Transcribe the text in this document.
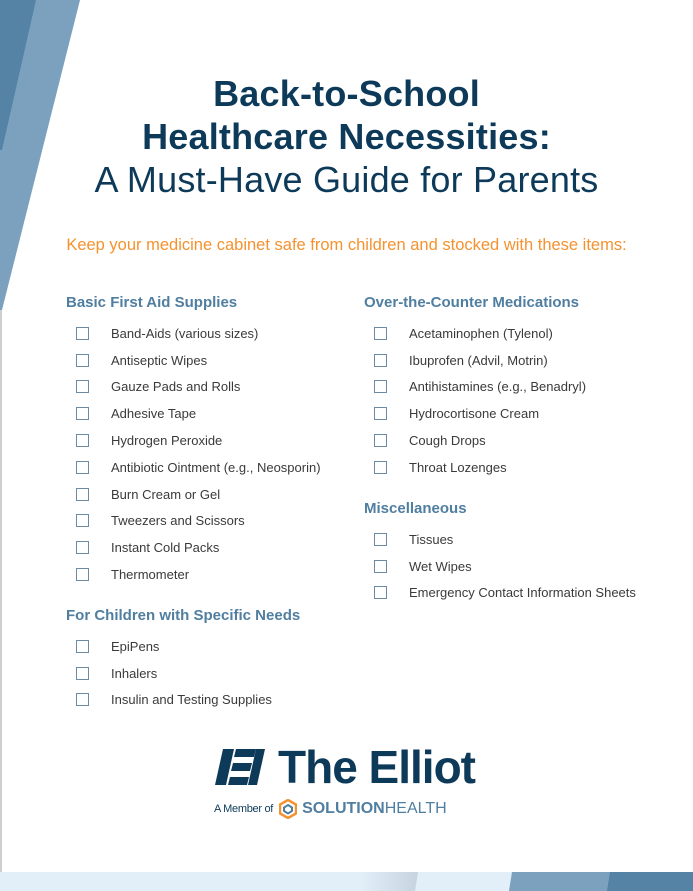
Back-to-School
Healthcare Necessities:
A Must-Have Guide for Parents
Keep your medicine cabinet safe from children and stocked with these items:
Basic First Aid Supplies
Band-Aids (various sizes)
Antiseptic Wipes
Gauze Pads and Rolls
Adhesive Tape
Hydrogen Peroxide
Antibiotic Ointment (e.g., Neosporin)
Burn Cream or Gel
Tweezers and Scissors
Instant Cold Packs
Thermometer
For Children with Specific Needs
EpiPens
Inhalers
Insulin and Testing Supplies
Over-the-Counter Medications
Acetaminophen (Tylenol)
Ibuprofen (Advil, Motrin)
Antihistamines (e.g., Benadryl)
Hydrocortisone Cream
Cough Drops
Throat Lozenges
Miscellaneous
Tissues
Wet Wipes
Emergency Contact Information Sheets
The Elliot
A Member of SOLUTION HEALTH
